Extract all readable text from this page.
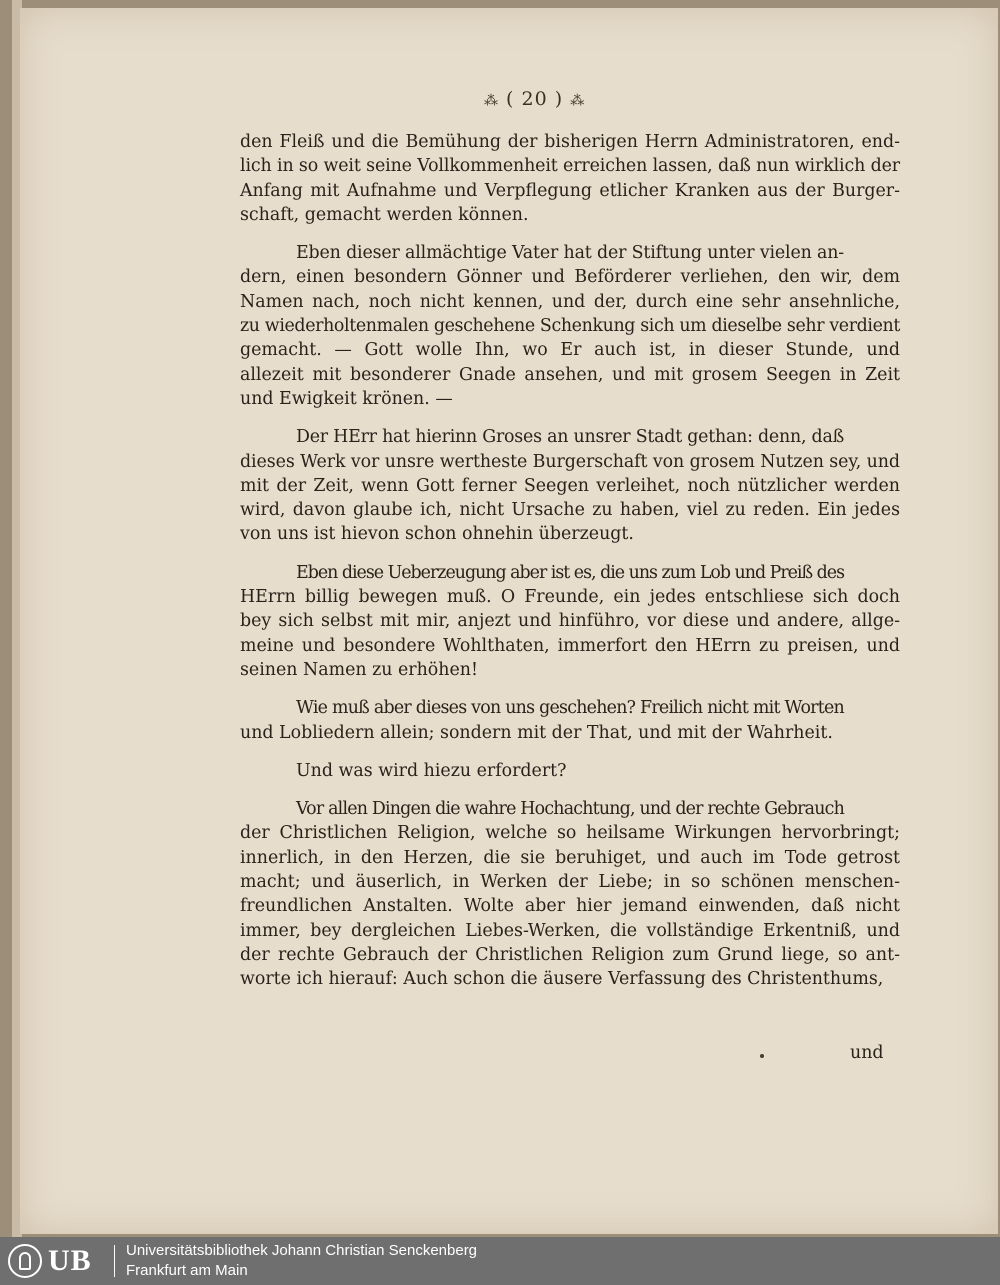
⁂ ( 20 ) ⁂

den Fleiß und die Bemühung der bisherigen Herrn Administratoren, end-
lich in so weit seine Vollkommenheit erreichen lassen, daß nun wirklich der
Anfang mit Aufnahme und Verpflegung etlicher Kranken aus der Burger-
schaft, gemacht werden können.

Eben dieser allmächtige Vater hat der Stiftung unter vielen an-
dern, einen besondern Gönner und Beförderer verliehen, den wir, dem
Namen nach, noch nicht kennen, und der, durch eine sehr ansehnliche,
zu wiederholtenmalen geschehene Schenkung sich um dieselbe sehr verdient
gemacht. — Gott wolle Ihn, wo Er auch ist, in dieser Stunde, und
allezeit mit besonderer Gnade ansehen, und mit grosem Seegen in Zeit
und Ewigkeit krönen. —

Der HErr hat hierinn Groses an unsrer Stadt gethan: denn, daß
dieses Werk vor unsre wertheste Burgerschaft von grosem Nutzen sey, und
mit der Zeit, wenn Gott ferner Seegen verleihet, noch nützlicher werden
wird, davon glaube ich, nicht Ursache zu haben, viel zu reden. Ein jedes
von uns ist hievon schon ohnehin überzeugt.

Eben diese Ueberzeugung aber ist es, die uns zum Lob und Preiß des
HErrn billig bewegen muß. O Freunde, ein jedes entschliese sich doch
bey sich selbst mit mir, anjezt und hinführo, vor diese und andere, allge-
meine und besondere Wohlthaten, immerfort den HErrn zu preisen, und
seinen Namen zu erhöhen!

Wie muß aber dieses von uns geschehen? Freilich nicht mit Worten
und Lobliedern allein; sondern mit der That, und mit der Wahrheit.

Und was wird hiezu erfordert?

Vor allen Dingen die wahre Hochachtung, und der rechte Gebrauch
der Christlichen Religion, welche so heilsame Wirkungen hervorbringt;
innerlich, in den Herzen, die sie beruhiget, und auch im Tode getrost
macht; und äuserlich, in Werken der Liebe; in so schönen menschen-
freundlichen Anstalten. Wolte aber hier jemand einwenden, daß nicht
immer, bey dergleichen Liebes-Werken, die vollständige Erkentniß, und
der rechte Gebrauch der Christlichen Religion zum Grund liege, so ant-
worte ich hierauf: Auch schon die äusere Verfassung des Christenthums,

und
UB Universitätsbibliothek Johann Christian Senckenberg
Frankfurt am Main
